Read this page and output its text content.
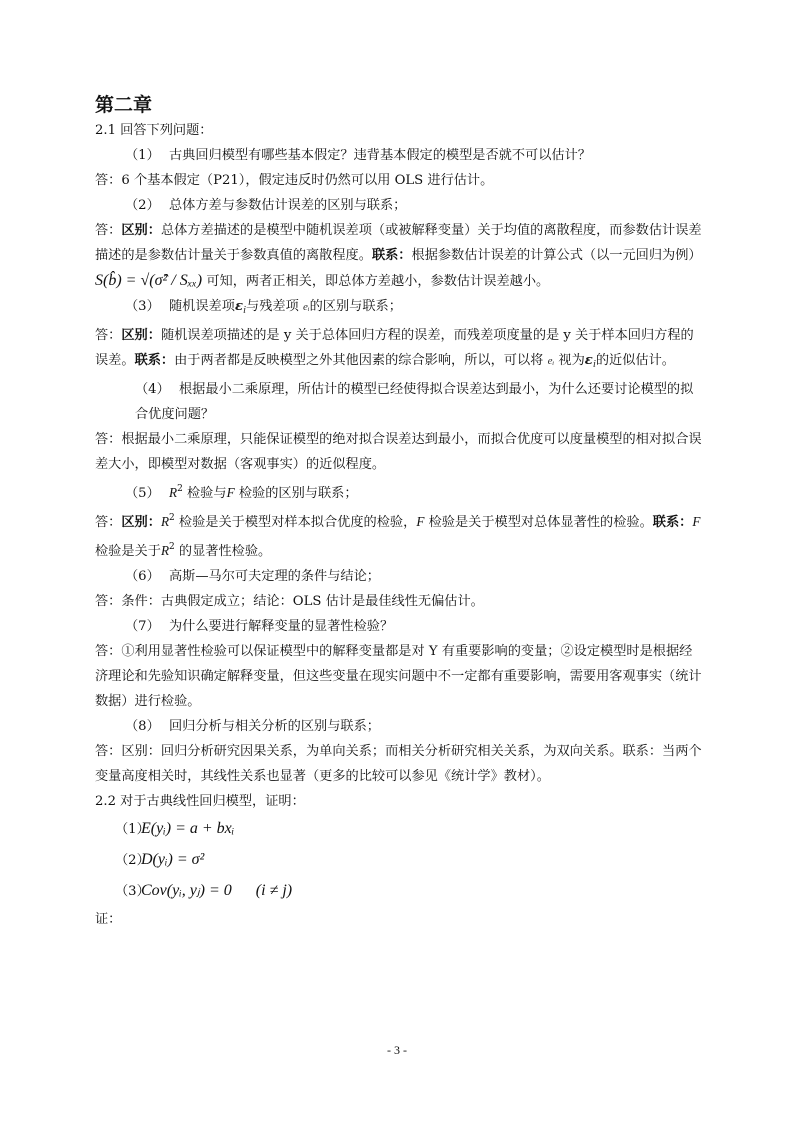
第二章

2.1 回答下列问题：

（1） 古典回归模型有哪些基本假定？违背基本假定的模型是否就不可以估计？

答：6 个基本假定（P21），假定违反时仍然可以用 OLS 进行估计。

（2） 总体方差与参数估计误差的区别与联系；

答：区别：总体方差描述的是模型中随机误差项（或被解释变量）关于均值的离散程度，而参数估计误差描述的是参数估计量关于参数真值的离散程度。联系：根据参数估计误差的计算公式（以一元回归为例）S(b̂) = √(σ̂² / Sₓₓ) 可知，两者正相关，即总体方差越小，参数估计误差越小。

（3） 随机误差项$\varepsilon_i$与残差项 eᵢ的区别与联系；

答：区别：随机误差项描述的是 y 关于总体回归方程的误差，而残差项度量的是 y 关于样本回归方程的误差。联系：由于两者都是反映模型之外其他因素的综合影响，所以，可以将 eᵢ 视为$\varepsilon_i$的近似估计。

（4） 根据最小二乘原理，所估计的模型已经使得拟合误差达到最小，为什么还要讨论模型的拟合优度问题？

答：根据最小二乘原理，只能保证模型的绝对拟合误差达到最小，而拟合优度可以度量模型的相对拟合误差大小，即模型对数据（客观事实）的近似程度。

（5） $R^2$ 检验与F 检验的区别与联系；

答：区别：$R^2$ 检验是关于模型对样本拟合优度的检验，F 检验是关于模型对总体显著性的检验。联系：F 检验是关于$R^2$ 的显著性检验。

（6） 高斯—马尔可夫定理的条件与结论；

答：条件：古典假定成立；结论：OLS 估计是最佳线性无偏估计。

（7） 为什么要进行解释变量的显著性检验？

答：①利用显著性检验可以保证模型中的解释变量都是对 Y 有重要影响的变量；②设定模型时是根据经济理论和先验知识确定解释变量，但这些变量在现实问题中不一定都有重要影响，需要用客观事实（统计数据）进行检验。

（8） 回归分析与相关分析的区别与联系；

答：区别：回归分析研究因果关系，为单向关系；而相关分析研究相关关系，为双向关系。联系：当两个变量高度相关时，其线性关系也显著（更多的比较可以参见《统计学》教材）。

2.2 对于古典线性回归模型，证明：

（1）E(yᵢ) = a + bxᵢ

（2）D(yᵢ) = σ²

（3）Cov(yᵢ, yⱼ) = 0      (i ≠ j)

证：

- 3 -
